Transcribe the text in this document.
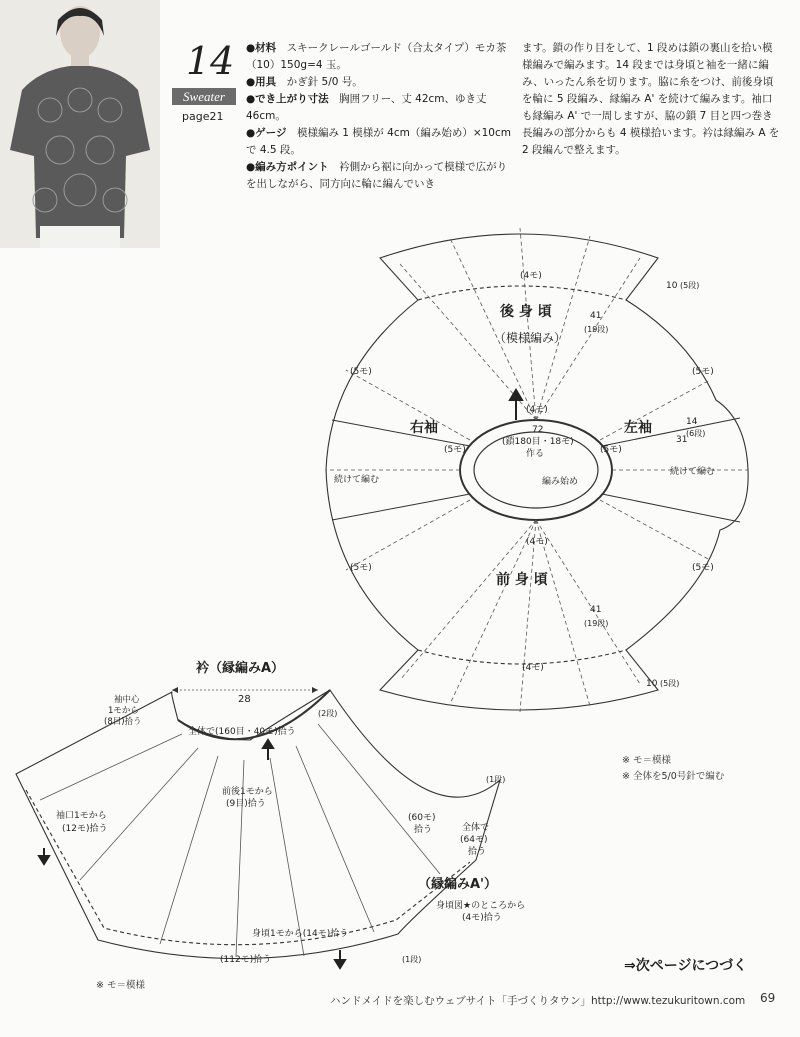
14
Sweater
page21

●材料　 スキークレールゴールド（合太タイプ）モカ茶（10）150g=4 玉。

●用具　 かぎ針 5/0 号。

●でき上がり寸法　 胸囲フリー、丈 42cm、ゆき丈 46cm。

●ゲージ　 模様編み 1 模様が 4cm（編み始め）×10cm で 4.5 段。

●編み方ポイント　 衿側から裾に向かって模様で広がりを出しながら、同方向に輪に編んでいき

ます。鎖の作り目をして、1 段めは鎖の裏山を拾い模様編みで編みます。14 段までは身頃と袖を一緒に編み、いったん糸を切ります。脇に糸をつけ、前後身頃を輪に 5 段編み、縁編み A' を続けて編みます。袖口も縁編み A' で一周しますが、脇の鎖 7 目と四つ巻き長編みの部分からも 4 模様拾います。衿は縁編み A を 2 段編んで整えます。
後 身 頃
（模様編み）
前 身 頃
右袖	左袖
(4モ)
(4モ)
(4モ)
(4モ)
(5モ)	(5モ)
(5モ)	(5モ)
(5モ)	(5モ)
72
(鎖180目・18モ)
作る
編み始め
続けて編む
続けて編む
41
(19段)
41
(19段)
10 (5段)
10 (5段)
14
(6段)
31
衿（縁編みA）
28
(2段)
袖中心
1モから
(8目)拾う
全体で(160目・40モ)拾う
前後1モから
(9目)拾う
袖口1モから
(12モ)拾う
(60モ)
拾う	全体で
(64モ)
拾う
(1段)
(1段)
（縁編みA'）
身頃図★のところから
(4モ)拾う
身頃1モから(14モ)拾う
(112モ)拾う
※ モ＝模様
※ 全体を5/0号針で編む
※ モ＝模様
⇒次ページにつづく
ハンドメイドを楽しむウェブサイト「手づくりタウン」http://www.tezukuritown.com 69
